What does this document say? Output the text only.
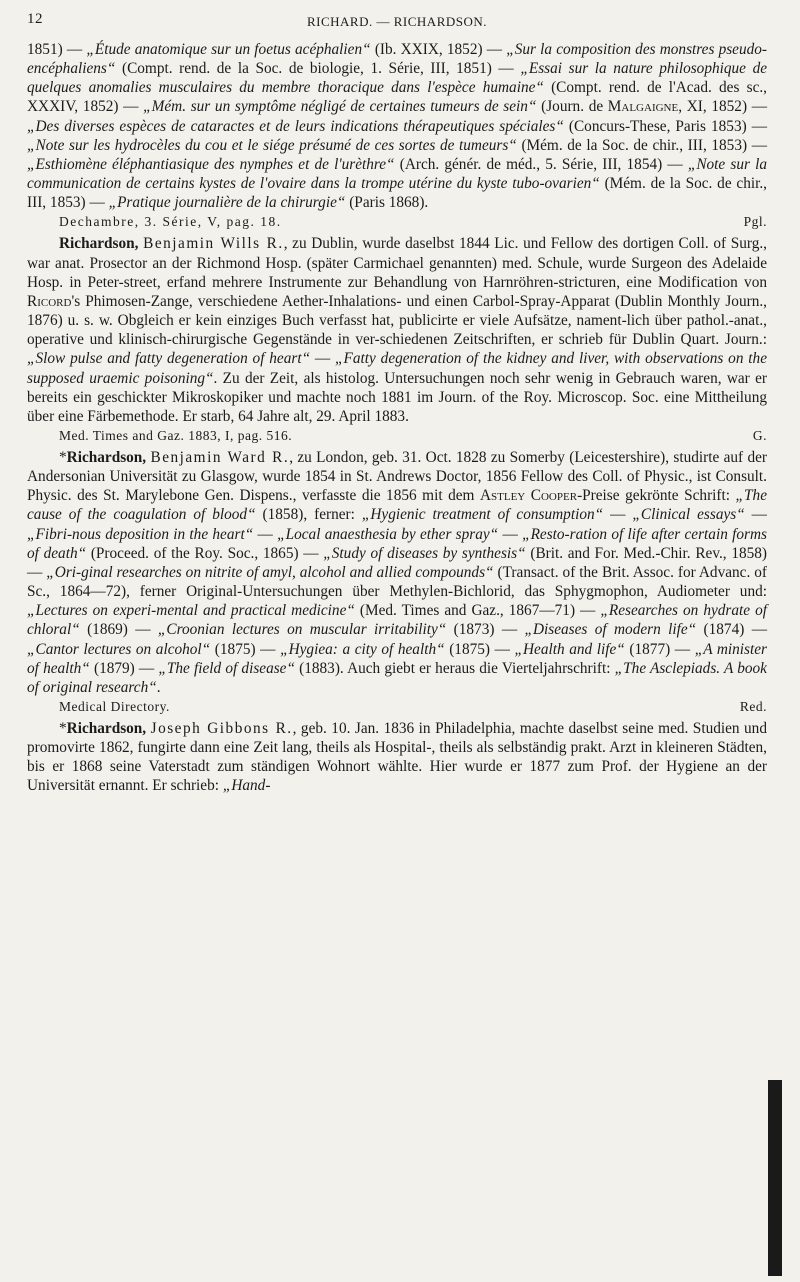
12	RICHARD. — RICHARDSON.

1851) — „Étude anatomique sur un foetus acéphalien“ (Ib. XXIX, 1852) — „Sur la composition des monstres pseudo-encéphaliens“ (Compt. rend. de la Soc. de biologie, 1. Série, III, 1851) — „Essai sur la nature philosophique de quelques anomalies musculaires du membre thoracique dans l'espèce humaine“ (Compt. rend. de l'Acad. des sc., XXXIV, 1852) — „Mém. sur un symptôme négligé de certaines tumeurs de sein“ (Journ. de Malgaigne, XI, 1852) — „Des diverses espèces de cataractes et de leurs indications thérapeutiques spéciales“ (Concurs-These, Paris 1853) — „Note sur les hydrocèles du cou et le siége présumé de ces sortes de tumeurs“ (Mém. de la Soc. de chir., III, 1853) — „Esthiomène éléphantiasique des nymphes et de l'urèthre“ (Arch. génér. de méd., 5. Série, III, 1854) — „Note sur la communication de certains kystes de l'ovaire dans la trompe utérine du kyste tubo-ovarien“ (Mém. de la Soc. de chir., III, 1853) — „Pratique journalière de la chirurgie“ (Paris 1868).

Dechambre, 3. Série, V, pag. 18.	Pgl.

Richardson, Benjamin Wills R., zu Dublin, wurde daselbst 1844 Lic. und Fellow des dortigen Coll. of Surg., war anat. Prosector an der Richmond Hosp. (später Carmichael genannten) med. Schule, wurde Surgeon des Adelaide Hosp. in Peter-street, erfand mehrere Instrumente zur Behandlung von Harnröhren-stricturen, eine Modification von Ricord's Phimosen-Zange, verschiedene Aether-Inhalations- und einen Carbol-Spray-Apparat (Dublin Monthly Journ., 1876) u. s. w. Obgleich er kein einziges Buch verfasst hat, publicirte er viele Aufsätze, nament-lich über pathol.-anat., operative und klinisch-chirurgische Gegenstände in ver-schiedenen Zeitschriften, er schrieb für Dublin Quart. Journ.: „Slow pulse and fatty degeneration of heart“ — „Fatty degeneration of the kidney and liver, with observations on the supposed uraemic poisoning“. Zu der Zeit, als histolog. Untersuchungen noch sehr wenig in Gebrauch waren, war er bereits ein geschickter Mikroskopiker und machte noch 1881 im Journ. of the Roy. Microscop. Soc. eine Mittheilung über eine Färbemethode. Er starb, 64 Jahre alt, 29. April 1883.

Med. Times and Gaz. 1883, I, pag. 516.	G.

*Richardson, Benjamin Ward R., zu London, geb. 31. Oct. 1828 zu Somerby (Leicestershire), studirte auf der Andersonian Universität zu Glasgow, wurde 1854 in St. Andrews Doctor, 1856 Fellow des Coll. of Physic., ist Consult. Physic. des St. Marylebone Gen. Dispens., verfasste die 1856 mit dem Astley Cooper-Preise gekrönte Schrift: „The cause of the coagulation of blood“ (1858), ferner: „Hygienic treatment of consumption“ — „Clinical essays“ — „Fibri-nous deposition in the heart“ — „Local anaesthesia by ether spray“ — „Resto-ration of life after certain forms of death“ (Proceed. of the Roy. Soc., 1865) — „Study of diseases by synthesis“ (Brit. and For. Med.-Chir. Rev., 1858) — „Ori-ginal researches on nitrite of amyl, alcohol and allied compounds“ (Transact. of the Brit. Assoc. for Advanc. of Sc., 1864—72), ferner Original-Untersuchungen über Methylen-Bichlorid, das Sphygmophon, Audiometer und: „Lectures on experi-mental and practical medicine“ (Med. Times and Gaz., 1867—71) — „Researches on hydrate of chloral“ (1869) — „Croonian lectures on muscular irritability“ (1873) — „Diseases of modern life“ (1874) — „Cantor lectures on alcohol“ (1875) — „Hygiea: a city of health“ (1875) — „Health and life“ (1877) — „A minister of health“ (1879) — „The field of disease“ (1883). Auch giebt er heraus die Vierteljahrschrift: „The Asclepiads. A book of original research“.

Medical Directory.	Red.

*Richardson, Joseph Gibbons R., geb. 10. Jan. 1836 in Philadelphia, machte daselbst seine med. Studien und promovirte 1862, fungirte dann eine Zeit lang, theils als Hospital-, theils als selbständig prakt. Arzt in kleineren Städten, bis er 1868 seine Vaterstadt zum ständigen Wohnort wählte. Hier wurde er 1877 zum Prof. der Hygiene an der Universität ernannt. Er schrieb: „Hand-
